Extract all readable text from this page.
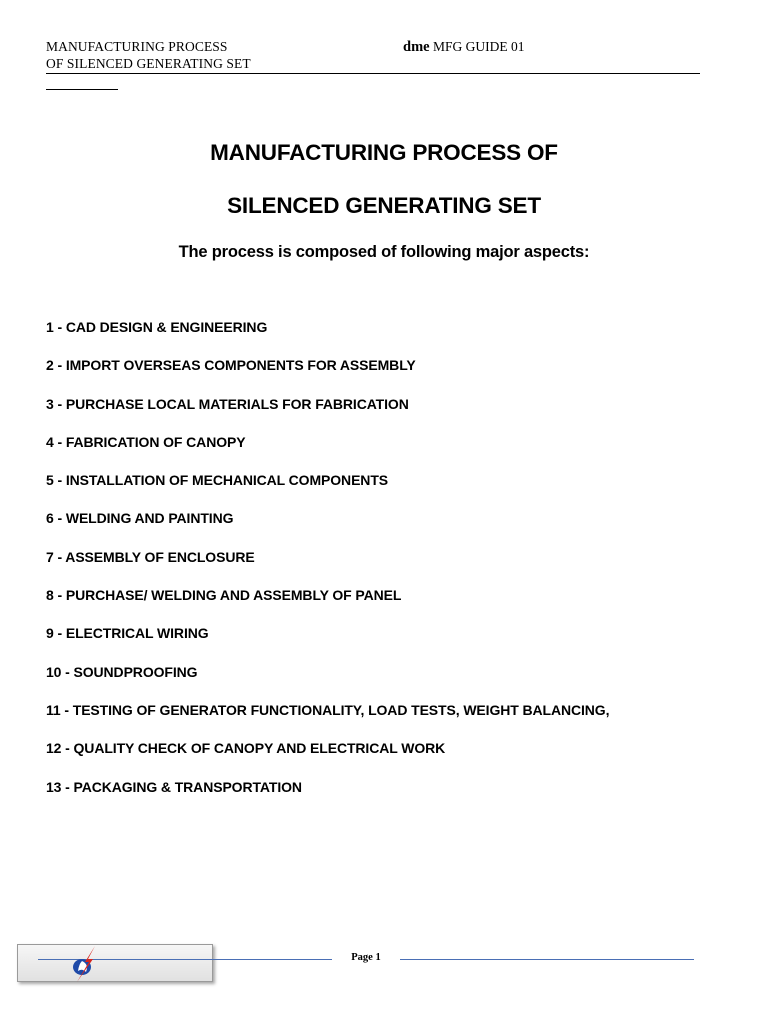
MANUFACTURING PROCESS
OF SILENCED GENERATING SET
dme MFG GUIDE 01
MANUFACTURING PROCESS OF
SILENCED GENERATING SET
The process is composed of following major aspects:
1 - CAD DESIGN & ENGINEERING
2 - IMPORT OVERSEAS COMPONENTS FOR ASSEMBLY
3 - PURCHASE LOCAL MATERIALS FOR FABRICATION
4 - FABRICATION OF CANOPY
5 - INSTALLATION OF MECHANICAL COMPONENTS
6 - WELDING AND PAINTING
7 - ASSEMBLY OF ENCLOSURE
8 - PURCHASE/ WELDING AND ASSEMBLY OF PANEL
9 - ELECTRICAL WIRING
10 - SOUNDPROOFING
11 - TESTING OF GENERATOR FUNCTIONALITY, LOAD TESTS, WEIGHT BALANCING,
12 - QUALITY CHECK OF CANOPY AND ELECTRICAL WORK
13 - PACKAGING & TRANSPORTATION
Page 1
